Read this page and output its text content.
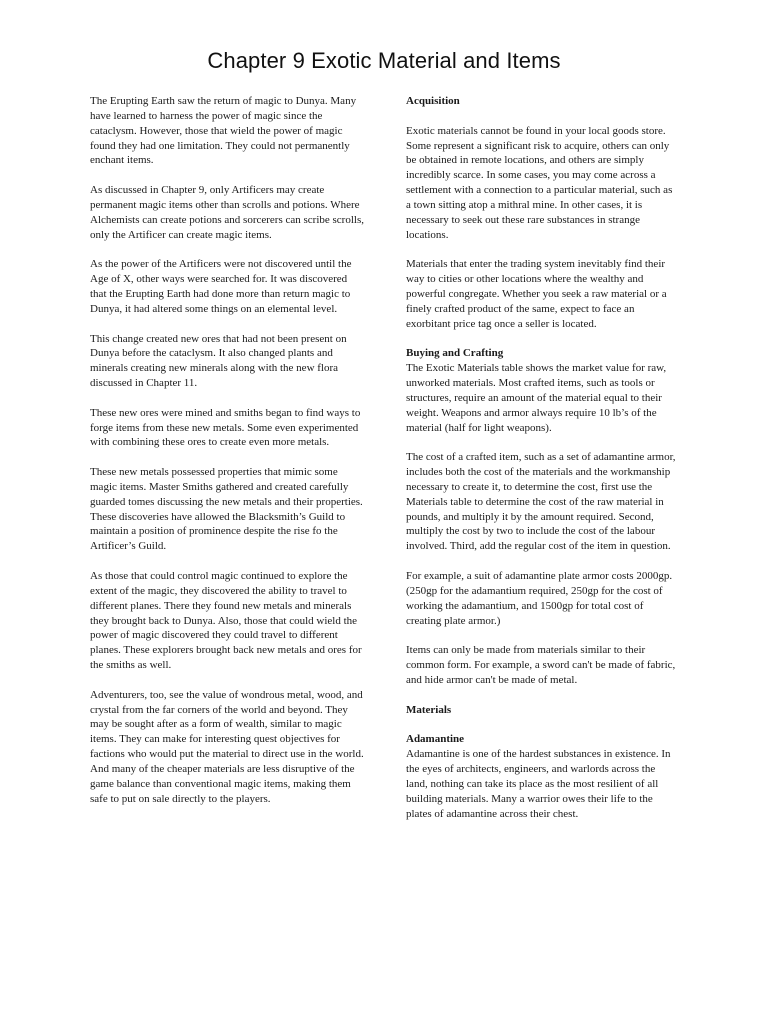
Chapter 9 Exotic Material and Items

The Erupting Earth saw the return of magic to Dunya. Many have learned to harness the power of magic since the cataclysm. However, those that wield the power of magic found they had one limitation. They could not permanently enchant items.

As discussed in Chapter 9, only Artificers may create permanent magic items other than scrolls and potions. Where Alchemists can create potions and sorcerers can scribe scrolls, only the Artificer can create magic items.

As the power of the Artificers were not discovered until the Age of X, other ways were searched for. It was discovered that the Erupting Earth had done more than return magic to Dunya, it had altered some things on an elemental level.

This change created new ores that had not been present on Dunya before the cataclysm. It also changed plants and minerals creating new minerals along with the new flora discussed in Chapter 11.

These new ores were mined and smiths began to find ways to forge items from these new metals. Some even experimented with combining these ores to create even more metals.

These new metals possessed properties that mimic some magic items. Master Smiths gathered and created carefully guarded tomes discussing the new metals and their properties. These discoveries have allowed the Blacksmith’s Guild to maintain a position of prominence despite the rise fo the Artificer’s Guild.

As those that could control magic continued to explore the extent of the magic, they discovered the ability to travel to different planes. There they found new metals and minerals they brought back to Dunya. Also, those that could wield the power of magic discovered they could travel to different planes. These explorers brought back new metals and ores for the smiths as well.

Adventurers, too, see the value of wondrous metal, wood, and crystal from the far corners of the world and beyond. They may be sought after as a form of wealth, similar to magic items. They can make for interesting quest objectives for factions who would put the material to direct use in the world. And many of the cheaper materials are less disruptive of the game balance than conventional magic items, making them safe to put on sale directly to the players.

Acquisition

Exotic materials cannot be found in your local goods store. Some represent a significant risk to acquire, others can only be obtained in remote locations, and others are simply incredibly scarce. In some cases, you may come across a settlement with a connection to a particular material, such as a town sitting atop a mithral mine. In other cases, it is necessary to seek out these rare substances in strange locations.

Materials that enter the trading system inevitably find their way to cities or other locations where the wealthy and powerful congregate. Whether you seek a raw material or a finely crafted product of the same, expect to face an exorbitant price tag once a seller is located.

Buying and Crafting

The Exotic Materials table shows the market value for raw, unworked materials. Most crafted items, such as tools or structures, require an amount of the material equal to their weight. Weapons and armor always require 10 lb’s of the material (half for light weapons).

The cost of a crafted item, such as a set of adamantine armor, includes both the cost of the materials and the workmanship necessary to create it, to determine the cost, first use the Materials table to determine the cost of the raw material in pounds, and multiply it by the amount required. Second, multiply the cost by two to include the cost of the labour involved. Third, add the regular cost of the item in question.

For example, a suit of adamantine plate armor costs 2000gp. (250gp for the adamantium required, 250gp for the cost of working the adamantium, and 1500gp for total cost of creating plate armor.)

Items can only be made from materials similar to their common form. For example, a sword can't be made of fabric, and hide armor can't be made of metal.

Materials
Adamantine

Adamantine is one of the hardest substances in existence. In the eyes of architects, engineers, and warlords across the land, nothing can take its place as the most resilient of all building materials. Many a warrior owes their life to the plates of adamantine across their chest.
